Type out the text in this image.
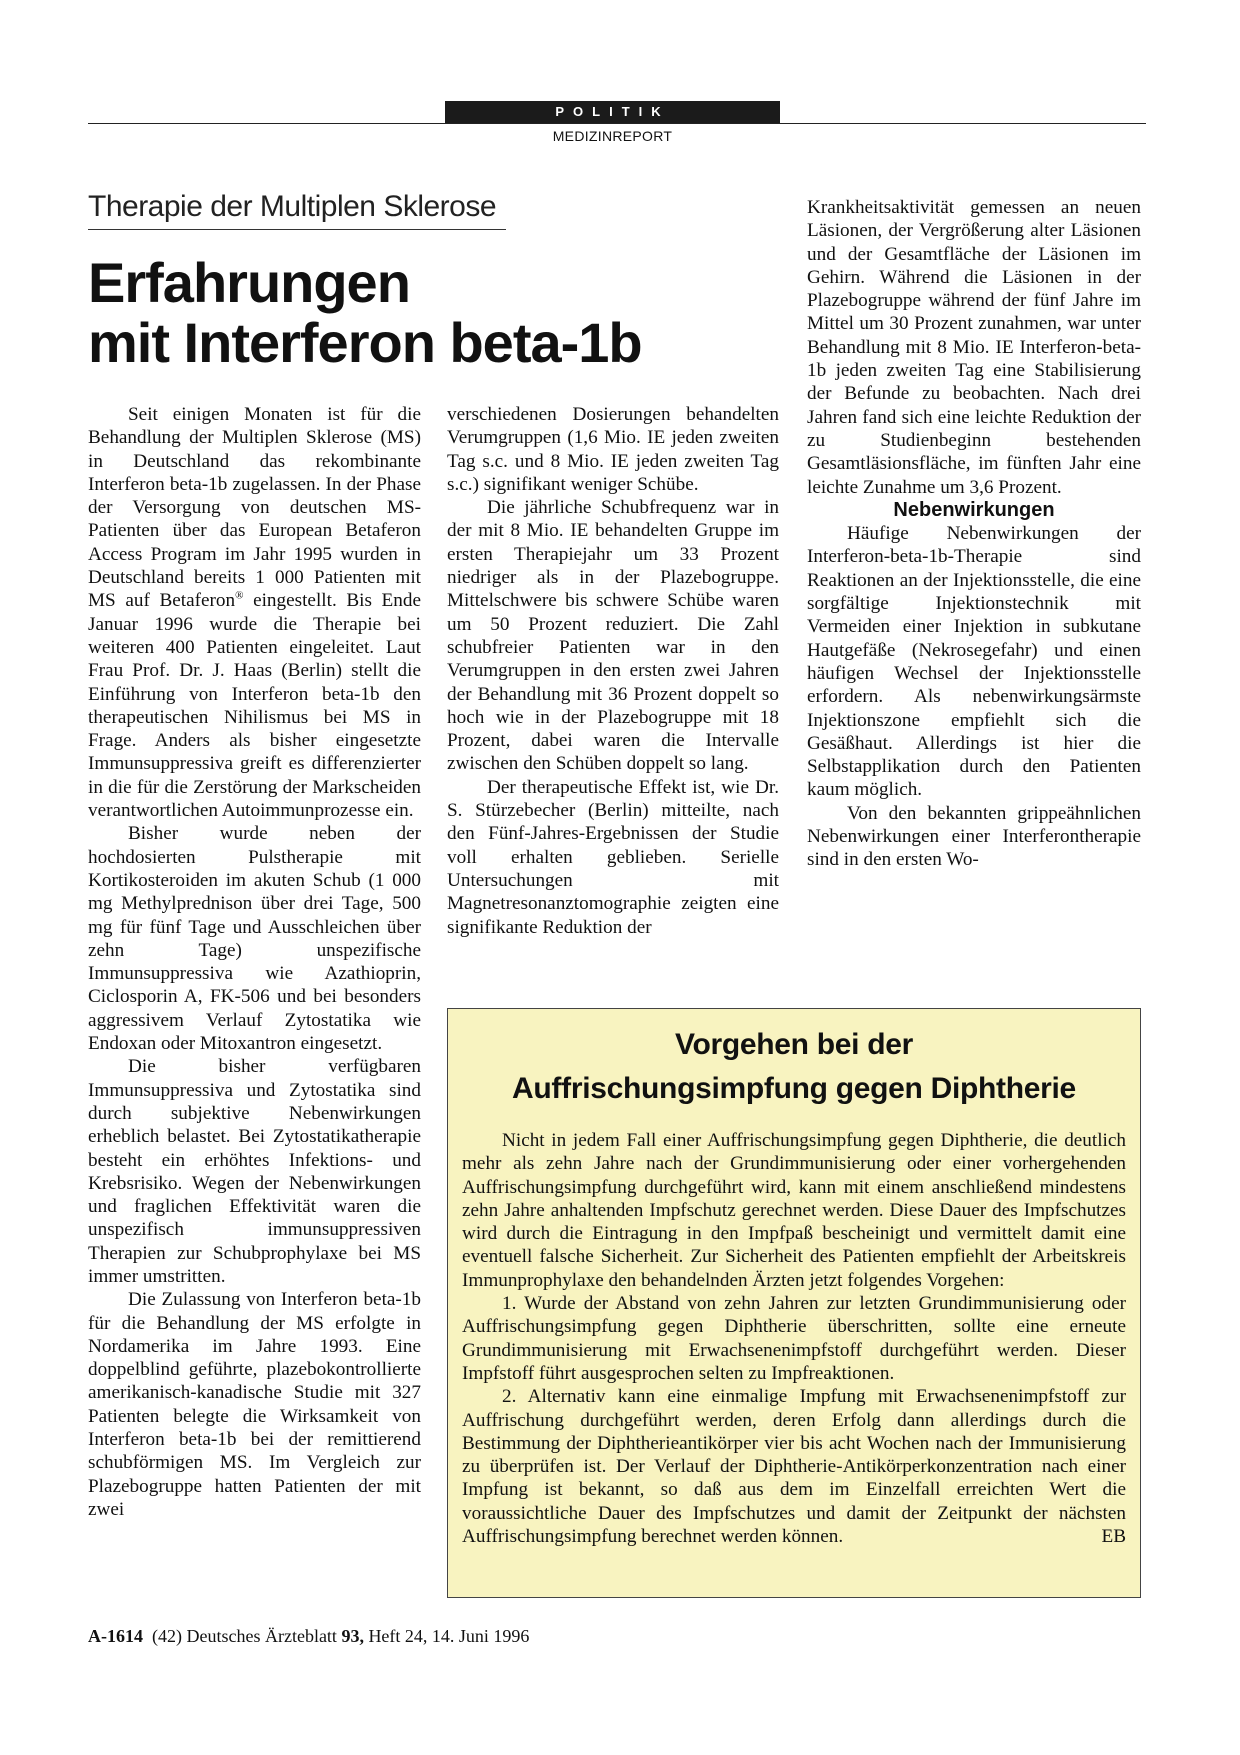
POLITIK
MEDIZINREPORT
Therapie der Multiplen Sklerose
Erfahrungen
mit Interferon beta-1b

Seit einigen Monaten ist für die Behandlung der Multiplen Sklerose (MS) in Deutschland das rekombinante Interferon beta-1b zugelassen. In der Phase der Versorgung von deutschen MS-Patienten über das European Betaferon Access Program im Jahr 1995 wurden in Deutschland bereits 1 000 Patienten mit MS auf Betaferon® eingestellt. Bis Ende Januar 1996 wurde die Therapie bei weiteren 400 Patienten eingeleitet. Laut Frau Prof. Dr. J. Haas (Berlin) stellt die Einführung von Interferon beta-1b den therapeutischen Nihilismus bei MS in Frage. Anders als bisher eingesetzte Immunsuppressiva greift es differenzierter in die für die Zerstörung der Markscheiden verantwortlichen Autoimmunprozesse ein.

Bisher wurde neben der hochdosierten Pulstherapie mit Kortikosteroiden im akuten Schub (1 000 mg Methylprednison über drei Tage, 500 mg für fünf Tage und Ausschleichen über zehn Tage) unspezifische Immunsuppressiva wie Azathioprin, Ciclosporin A, FK-506 und bei besonders aggressivem Verlauf Zytostatika wie Endoxan oder Mitoxantron eingesetzt.

Die bisher verfügbaren Immunsuppressiva und Zytostatika sind durch subjektive Nebenwirkungen erheblich belastet. Bei Zytostatikatherapie besteht ein erhöhtes Infektions- und Krebsrisiko. Wegen der Nebenwirkungen und fraglichen Effektivität waren die unspezifisch immunsuppressiven Therapien zur Schubprophylaxe bei MS immer umstritten.

Die Zulassung von Interferon beta-1b für die Behandlung der MS erfolgte in Nordamerika im Jahre 1993. Eine doppelblind geführte, plazebokontrollierte amerikanisch-kanadische Studie mit 327 Patienten belegte die Wirksamkeit von Interferon beta-1b bei der remittierend schubförmigen MS. Im Vergleich zur Plazebogruppe hatten Patienten der mit zwei

verschiedenen Dosierungen behandelten Verumgruppen (1,6 Mio. IE jeden zweiten Tag s.c. und 8 Mio. IE jeden zweiten Tag s.c.) signifikant weniger Schübe.

Die jährliche Schubfrequenz war in der mit 8 Mio. IE behandelten Gruppe im ersten Therapiejahr um 33 Prozent niedriger als in der Plazebogruppe. Mittelschwere bis schwere Schübe waren um 50 Prozent reduziert. Die Zahl schubfreier Patienten war in den Verumgruppen in den ersten zwei Jahren der Behandlung mit 36 Prozent doppelt so hoch wie in der Plazebogruppe mit 18 Prozent, dabei waren die Intervalle zwischen den Schüben doppelt so lang.

Der therapeutische Effekt ist, wie Dr. S. Stürzebecher (Berlin) mitteilte, nach den Fünf-Jahres-Ergebnissen der Studie voll erhalten geblieben. Serielle Untersuchungen mit Magnetresonanztomographie zeigten eine signifikante Reduktion der

Krankheitsaktivität gemessen an neuen Läsionen, der Vergrößerung alter Läsionen und der Gesamtfläche der Läsionen im Gehirn. Während die Läsionen in der Plazebogruppe während der fünf Jahre im Mittel um 30 Prozent zunahmen, war unter Behandlung mit 8 Mio. IE Interferon-beta-1b jeden zweiten Tag eine Stabilisierung der Befunde zu beobachten. Nach drei Jahren fand sich eine leichte Reduktion der zu Studienbeginn bestehenden Gesamtläsionsfläche, im fünften Jahr eine leichte Zunahme um 3,6 Prozent.

Nebenwirkungen

Häufige Nebenwirkungen der Interferon-beta-1b-Therapie sind Reaktionen an der Injektionsstelle, die eine sorgfältige Injektionstechnik mit Vermeiden einer Injektion in subkutane Hautgefäße (Nekrosegefahr) und einen häufigen Wechsel der Injektionsstelle erfordern. Als nebenwirkungsärmste Injektionszone empfiehlt sich die Gesäßhaut. Allerdings ist hier die Selbstapplikation durch den Patienten kaum möglich.

Von den bekannten grippeähnlichen Nebenwirkungen einer Interferontherapie sind in den ersten Wo-

Vorgehen bei der
Auffrischungsimpfung gegen Diphtherie

Nicht in jedem Fall einer Auffrischungsimpfung gegen Diphtherie, die deutlich mehr als zehn Jahre nach der Grundimmunisierung oder einer vorhergehenden Auffrischungsimpfung durchgeführt wird, kann mit einem anschließend mindestens zehn Jahre anhaltenden Impfschutz gerechnet werden. Diese Dauer des Impfschutzes wird durch die Eintragung in den Impfpaß bescheinigt und vermittelt damit eine eventuell falsche Sicherheit. Zur Sicherheit des Patienten empfiehlt der Arbeitskreis Immunprophylaxe den behandelnden Ärzten jetzt folgendes Vorgehen:

1. Wurde der Abstand von zehn Jahren zur letzten Grundimmunisierung oder Auffrischungsimpfung gegen Diphtherie überschritten, sollte eine erneute Grundimmunisierung mit Erwachsenenimpfstoff durchgeführt werden. Dieser Impfstoff führt ausgesprochen selten zu Impfreaktionen.

2. Alternativ kann eine einmalige Impfung mit Erwachsenenimpfstoff zur Auffrischung durchgeführt werden, deren Erfolg dann allerdings durch die Bestimmung der Diphtherieantikörper vier bis acht Wochen nach der Immunisierung zu überprüfen ist. Der Verlauf der Diphtherie-Antikörperkonzentration nach einer Impfung ist bekannt, so daß aus dem im Einzelfall erreichten Wert die voraussichtliche Dauer des Impfschutzes und damit der Zeitpunkt der nächsten Auffrischungsimpfung berechnet werden können.	EB

A-1614 (42) Deutsches Ärzteblatt 93, Heft 24, 14. Juni 1996
